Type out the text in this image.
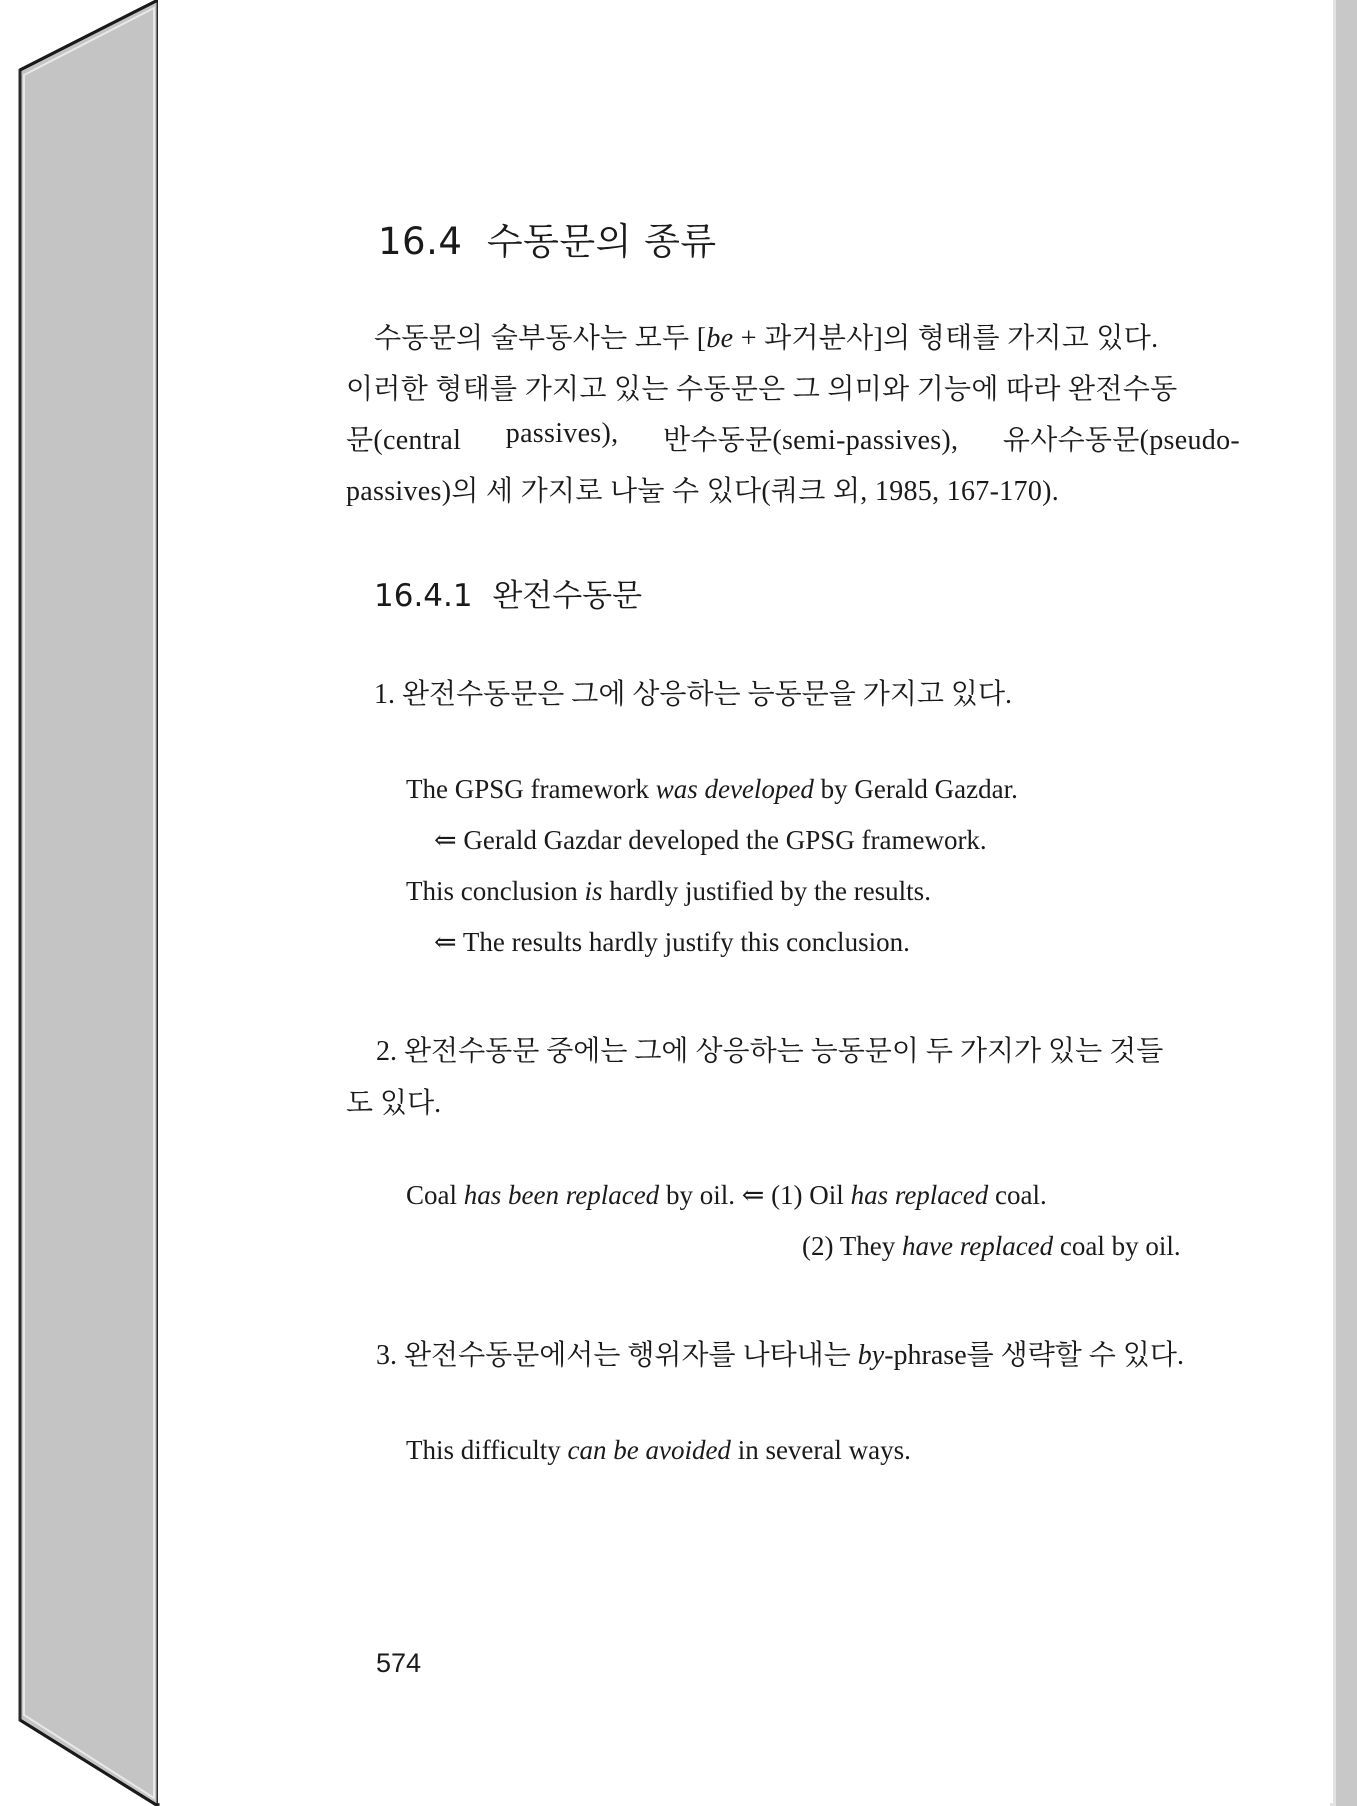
16.4 수동문의 종류
수동문의 술부동사는 모두 [be + 과거분사]의 형태를 가지고 있다.
이러한 형태를 가지고 있는 수동문은 그 의미와 기능에 따라 완전수동
문(central passives), 반수동문(semi-passives), 유사수동문(pseudo-
passives)의 세 가지로 나눌 수 있다(쿼크 외, 1985, 167-170).
16.4.1 완전수동문
1. 완전수동문은 그에 상응하는 능동문을 가지고 있다.
The GPSG framework was developed by Gerald Gazdar.
⇐ Gerald Gazdar developed the GPSG framework.
This conclusion is hardly justified by the results.
⇐ The results hardly justify this conclusion.
2. 완전수동문 중에는 그에 상응하는 능동문이 두 가지가 있는 것들
도 있다.
Coal has been replaced by oil. ⇐ (1) Oil has replaced coal.
(2) They have replaced coal by oil.
3. 완전수동문에서는 행위자를 나타내는 by-phrase를 생략할 수 있다.
This difficulty can be avoided in several ways.
574
